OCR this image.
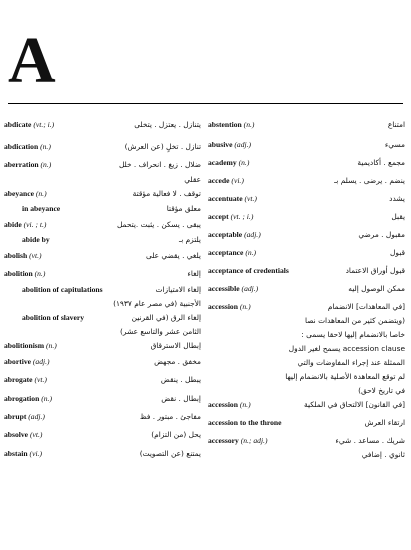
A
abdicate (vt.; i.)	يتنازل . يعتزل . يتخلى
abdication (n.)	تنازل . تخلٍ (عن العرش)
aberration (n.)	ضلال . زيغ . انحراف . خلل
عقلي
abeyance (n.)	توقف . لا فعالية مؤقتة
in abeyance	معلق مؤقتا
abide (vi. ; t.)	يبقى . يسكن . يثبت .يتحمل
abide by	يلتزم بـ
abolish (vt.)	يلغي . يقضي على
abolition (n.)	إلغاء
abolition of capitulations	إلغاء الامتيازات
الأجنبية (في مصر عام ١٩٣٧)
abolition of slavery	إلغاء الرق (في القرنين
الثامن عشر والتاسع عشر)
abolitionism (n.)	إبطال الاسترقاق
abortive (adj.)	مخفق . مجهض
abrogate (vt.)	يبطل . ينقض
abrogation (n.)	إبطال . نقض
abrupt (adj.)	مفاجئ . مبتور . فظ
absolve (vt.)	يحل (من التزام)
abstain (vi.)	يمتنع (عن التصويت)
abstention (n.)	امتناع
abusive (adj.)	مسيء
academy (n.)	مجمع . أكاديمية
accede (vi.)	ينضم . يرضى . يسلم بـ
accentuate (vt.)	يشدد
accept (vt. ; i.)	يقبل
acceptable (adj.)	مقبول . مرضي
acceptance (n.)	قبول
acceptance of credentials	قبول أوراق الاعتماد
accessible (adj.)	ممكن الوصول إليه
accession (n.)	[في المعاهدات] الانضمام
(ويتضمن كثير من المعاهدات نصا
خاصا بالانضمام إليها لاحقا يسمى :
accession clause يسمح لغير الدول
الممثلة عند إجراء المفاوضات والتي
لم توقع المعاهدة الأصلية بالانضمام إليها
في تاريخ لاحق)
accession (n.)	[في القانون] الالتحاق في الملكية
accession to the throne	ارتقاء العرش
accessory (n.; adj.)	شريك . مساعد . شيء
ثانوي . إضافي
